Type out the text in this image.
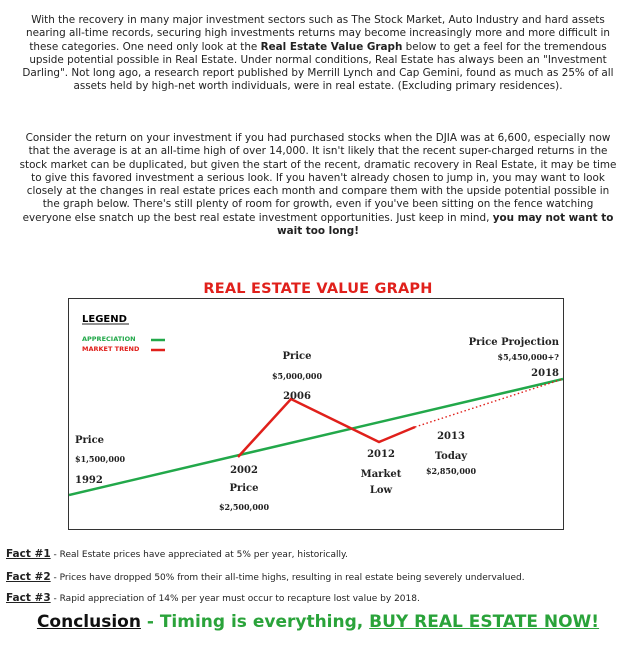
With the recovery in many major investment sectors such as The Stock Market, Auto Industry and hard assets nearing all-time records, securing high investments returns may become increasingly more and more difficult in these categories. One need only look at the Real Estate Value Graph below to get a feel for the tremendous upside potential possible in Real Estate. Under normal conditions, Real Estate has always been an "Investment Darling". Not long ago, a research report published by Merrill Lynch and Cap Gemini, found as much as 25% of all assets held by high-net worth individuals, were in real estate. (Excluding primary residences).

Consider the return on your investment if you had purchased stocks when the DJIA was at 6,600, especially now that the average is at an all-time high of over 14,000. It isn't likely that the recent super-charged returns in the stock market can be duplicated, but given the start of the recent, dramatic recovery in Real Estate, it may be time to give this favored investment a serious look. If you haven't already chosen to jump in, you may want to look closely at the changes in real estate prices each month and compare them with the upside potential possible in the graph below. There's still plenty of room for growth, even if you've been sitting on the fence watching everyone else snatch up the best real estate investment opportunities. Just keep in mind, you may not want to wait too long!

REAL ESTATE VALUE GRAPH
LEGEND
APPRECIATION
MARKET TREND
Price
$1,500,000
1992
2002
Price
$2,500,000
Price
$5,000,000
2006
2012
Market
Low
2013
Today
$2,850,000
Price Projection
$5,450,000+?
2018
Fact #1 - Real Estate prices have appreciated at 5% per year, historically.
Fact #2 - Prices have dropped 50% from their all-time highs, resulting in real estate being severely undervalued.
Fact #3 - Rapid appreciation of 14% per year must occur to recapture lost value by 2018.
Conclusion - Timing is everything, BUY REAL ESTATE NOW!
